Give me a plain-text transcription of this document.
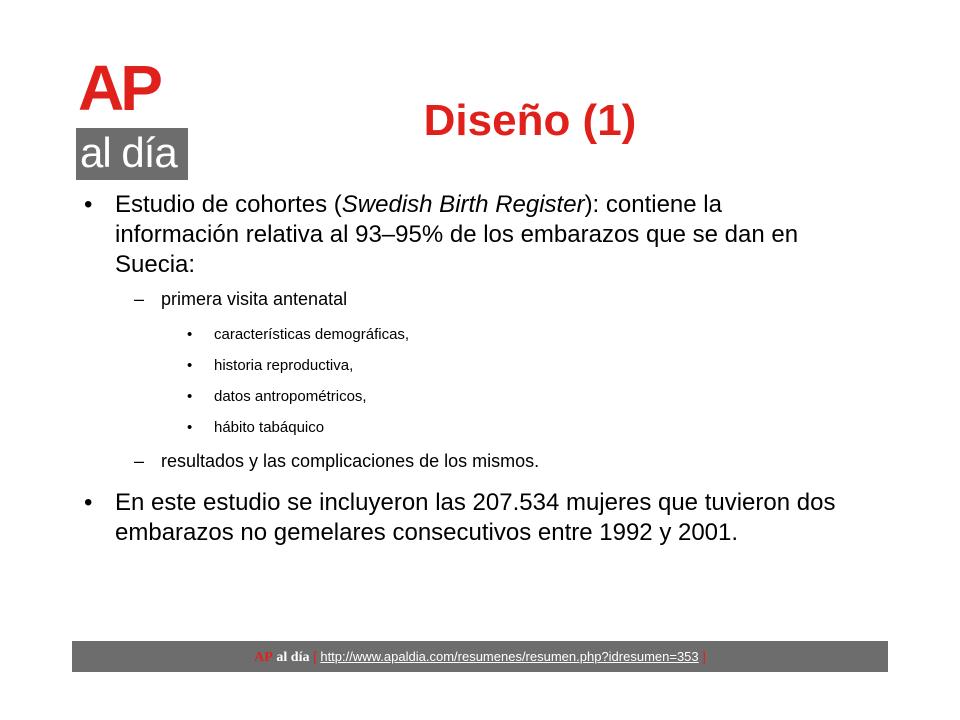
AP
al día
Diseño (1)
• Estudio de cohortes (Swedish Birth Register): contiene la información relativa al 93–95% de los embarazos que se dan en Suecia:
– primera visita antenatal
• características demográficas,
• historia reproductiva,
• datos antropométricos,
• hábito tabáquico
– resultados y las complicaciones de los mismos.
• En este estudio se incluyeron las 207.534 mujeres que tuvieron dos embarazos no gemelares consecutivos entre 1992 y 2001.
AP al día [ http://www.apaldia.com/resumenes/resumen.php?idresumen=353 ]
